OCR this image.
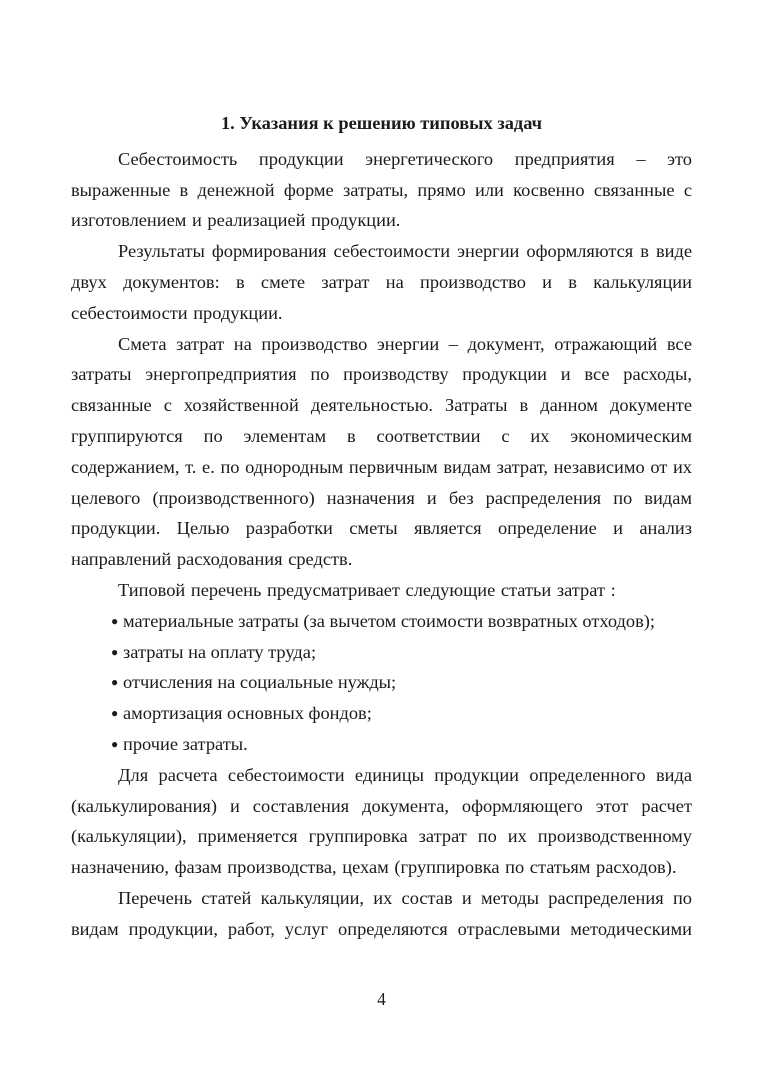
1. Указания к решению типовых задач

Себестоимость продукции энергетического предприятия – это выраженные в денежной форме затраты, прямо или косвенно связанные с изготовлением и реализацией продукции.

Результаты формирования себестоимости энергии оформляются в виде двух документов: в смете затрат на производство и в калькуляции себестоимости продукции.

Смета затрат на производство энергии – документ, отражающий все затраты энергопредприятия по производству продукции и все расходы, связанные с хозяйственной деятельностью. Затраты в данном документе группируются по элементам в соответствии с их экономическим содержанием, т. е. по однородным первичным видам затрат, независимо от их целевого (производственного) назначения и без распределения по видам продукции. Целью разработки сметы является определение и анализ направлений расходования средств.

Типовой перечень предусматривает следующие статьи затрат :

● материальные затраты (за вычетом стоимости возвратных отходов);
● затраты на оплату труда;
● отчисления на социальные нужды;
● амортизация основных фондов;
● прочие затраты.

Для расчета себестоимости единицы продукции определенного вида (калькулирования) и составления документа, оформляющего этот расчет (калькуляции), применяется группировка затрат по их производственному назначению, фазам производства, цехам (группировка по статьям расходов).

Перечень статей калькуляции, их состав и методы распределения по видам продукции, работ, услуг определяются отраслевыми методическими

4
